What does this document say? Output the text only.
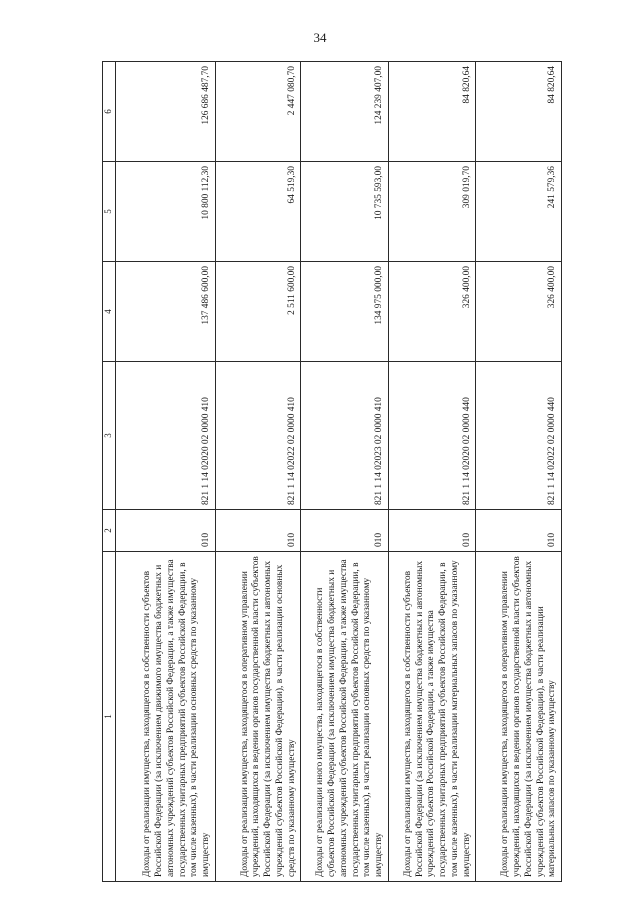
34
1	2	3	4	5	6
Доходы от реализации имущества, находящегося в собственности субъектов Российской Федерации (за исключением движимого имущества бюджетных и автономных учреждений субъектов Российской Федерации, а также имущества государственных унитарных предприятий субъектов Российской Федерации, в том числе казенных), в части реализации основных средств по указанному имуществу	010	821 1 14 02020 02 0000 410	137 486 600,00	10 800 112,30	126 686 487,70
Доходы от реализации имущества, находящегося в оперативном управлении учреждений, находящихся в ведении органов государственной власти субъектов Российской Федерации (за исключением имущества бюджетных и автономных учреждений субъектов Российской Федерации), в части реализации основных средств по указанному имуществу	010	821 1 14 02022 02 0000 410	2 511 600,00	64 519,30	2 447 080,70
Доходы от реализации иного имущества, находящегося в собственности субъектов Российской Федерации (за исключением имущества бюджетных и автономных учреждений субъектов Российской Федерации, а также имущества государственных унитарных предприятий субъектов Российской Федерации, в том числе казенных), в части реализации основных средств по указанному имуществу	010	821 1 14 02023 02 0000 410	134 975 000,00	10 735 593,00	124 239 407,00
Доходы от реализации имущества, находящегося в собственности субъектов Российской Федерации (за исключением имущества бюджетных и автономных учреждений субъектов Российской Федерации, а также имущества государственных унитарных предприятий субъектов Российской Федерации, в том числе казенных), в части реализации материальных запасов по указанному имуществу	010	821 1 14 02020 02 0000 440	326 400,00	309 019,70	84 820,64
Доходы от реализации имущества, находящегося в оперативном управлении учреждений, находящихся в ведении органов государственной власти субъектов Российской Федерации (за исключением имущества бюджетных и автономных учреждений субъектов Российской Федерации), в части реализации материальных запасов по указанному имуществу	010	821 1 14 02022 02 0000 440	326 400,00	241 579,36	84 820,64
